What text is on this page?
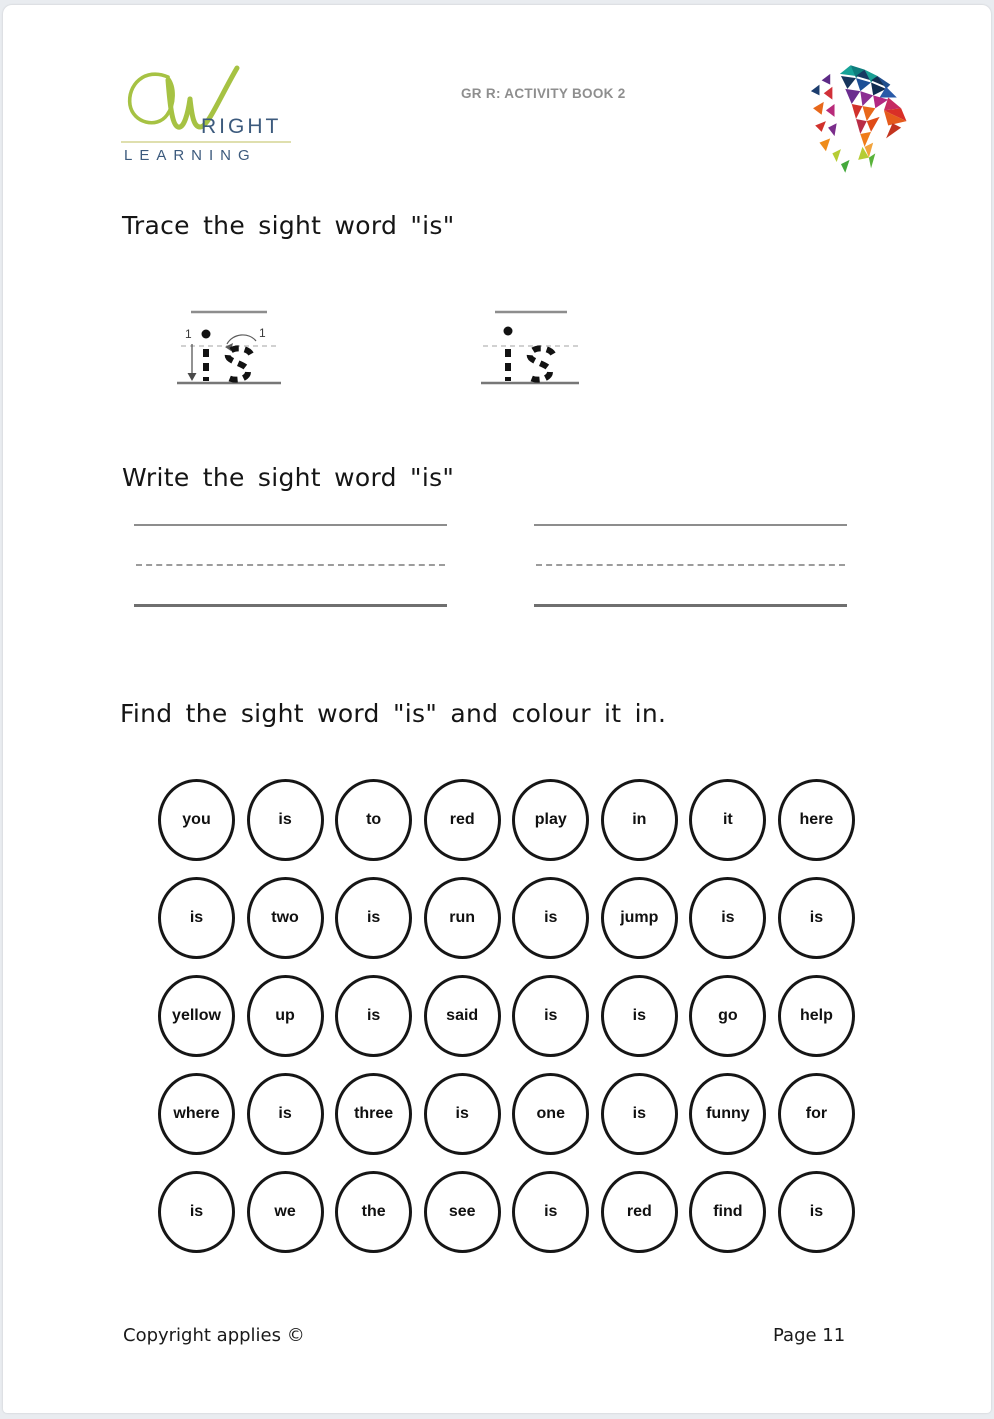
RIGHT
LEARNING
GR R: ACTIVITY BOOK 2
Trace the sight word "is"
1	1
Write the sight word "is"
Find the sight word "is" and colour it in.
you	is	to	red	play	in	it	here
is	two	is	run	is	jump	is	is
yellow	up	is	said	is	is	go	help
where	is	three	is	one	is	funny	for
is	we	the	see	is	red	find	is
Copyright applies ©	Page 11
